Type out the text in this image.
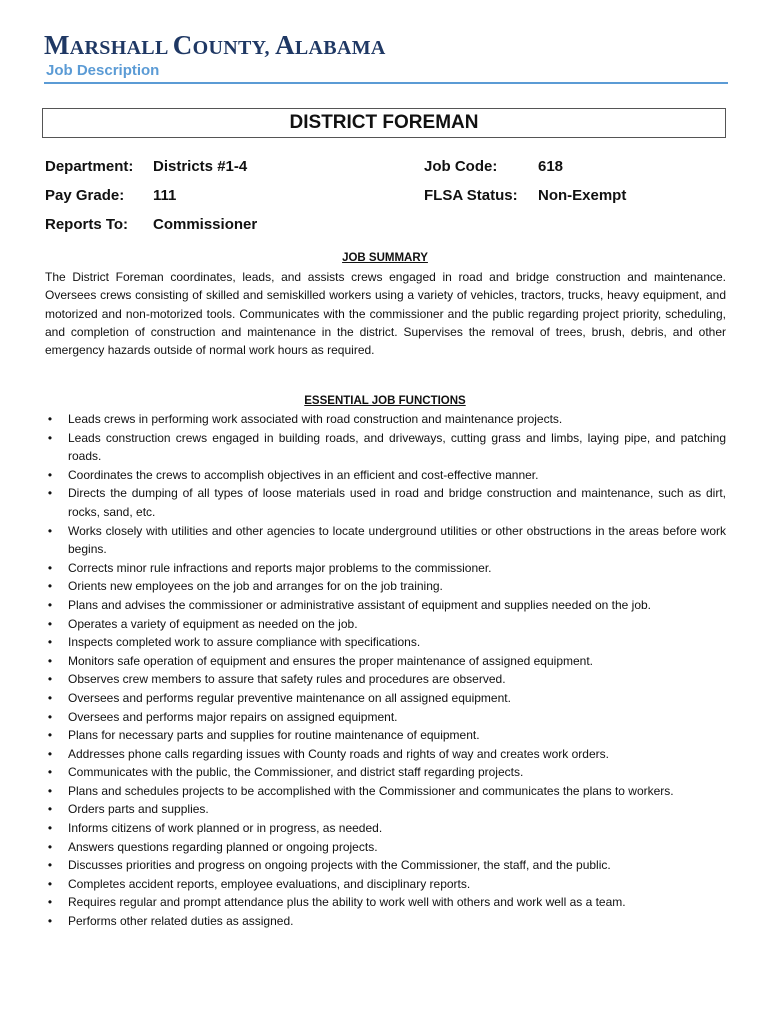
MARSHALL COUNTY, ALABAMA
Job Description
DISTRICT FOREMAN
Department: Districts #1-4	Job Code:	618
Pay Grade: 111	FLSA Status: Non-Exempt
Reports To: Commissioner
JOB SUMMARY

The District Foreman coordinates, leads, and assists crews engaged in road and bridge construction and maintenance. Oversees crews consisting of skilled and semiskilled workers using a variety of vehicles, tractors, trucks, heavy equipment, and motorized and non-motorized tools. Communicates with the commissioner and the public regarding project priority, scheduling, and completion of construction and maintenance in the district. Supervises the removal of trees, brush, debris, and other emergency hazards outside of normal work hours as required.

ESSENTIAL JOB FUNCTIONS
• Leads crews in performing work associated with road construction and maintenance projects.
• Leads construction crews engaged in building roads, and driveways, cutting grass and limbs, laying pipe, and patching roads.
• Coordinates the crews to accomplish objectives in an efficient and cost-effective manner.
• Directs the dumping of all types of loose materials used in road and bridge construction and maintenance, such as dirt, rocks, sand, etc.
• Works closely with utilities and other agencies to locate underground utilities or other obstructions in the areas before work begins.
• Corrects minor rule infractions and reports major problems to the commissioner.
• Orients new employees on the job and arranges for on the job training.
• Plans and advises the commissioner or administrative assistant of equipment and supplies needed on the job.
• Operates a variety of equipment as needed on the job.
• Inspects completed work to assure compliance with specifications.
• Monitors safe operation of equipment and ensures the proper maintenance of assigned equipment.
• Observes crew members to assure that safety rules and procedures are observed.
• Oversees and performs regular preventive maintenance on all assigned equipment.
• Oversees and performs major repairs on assigned equipment.
• Plans for necessary parts and supplies for routine maintenance of equipment.
• Addresses phone calls regarding issues with County roads and rights of way and creates work orders.
• Communicates with the public, the Commissioner, and district staff regarding projects.
• Plans and schedules projects to be accomplished with the Commissioner and communicates the plans to workers.
• Orders parts and supplies.
• Informs citizens of work planned or in progress, as needed.
• Answers questions regarding planned or ongoing projects.
• Discusses priorities and progress on ongoing projects with the Commissioner, the staff, and the public.
• Completes accident reports, employee evaluations, and disciplinary reports.
• Requires regular and prompt attendance plus the ability to work well with others and work well as a team.
• Performs other related duties as assigned.
